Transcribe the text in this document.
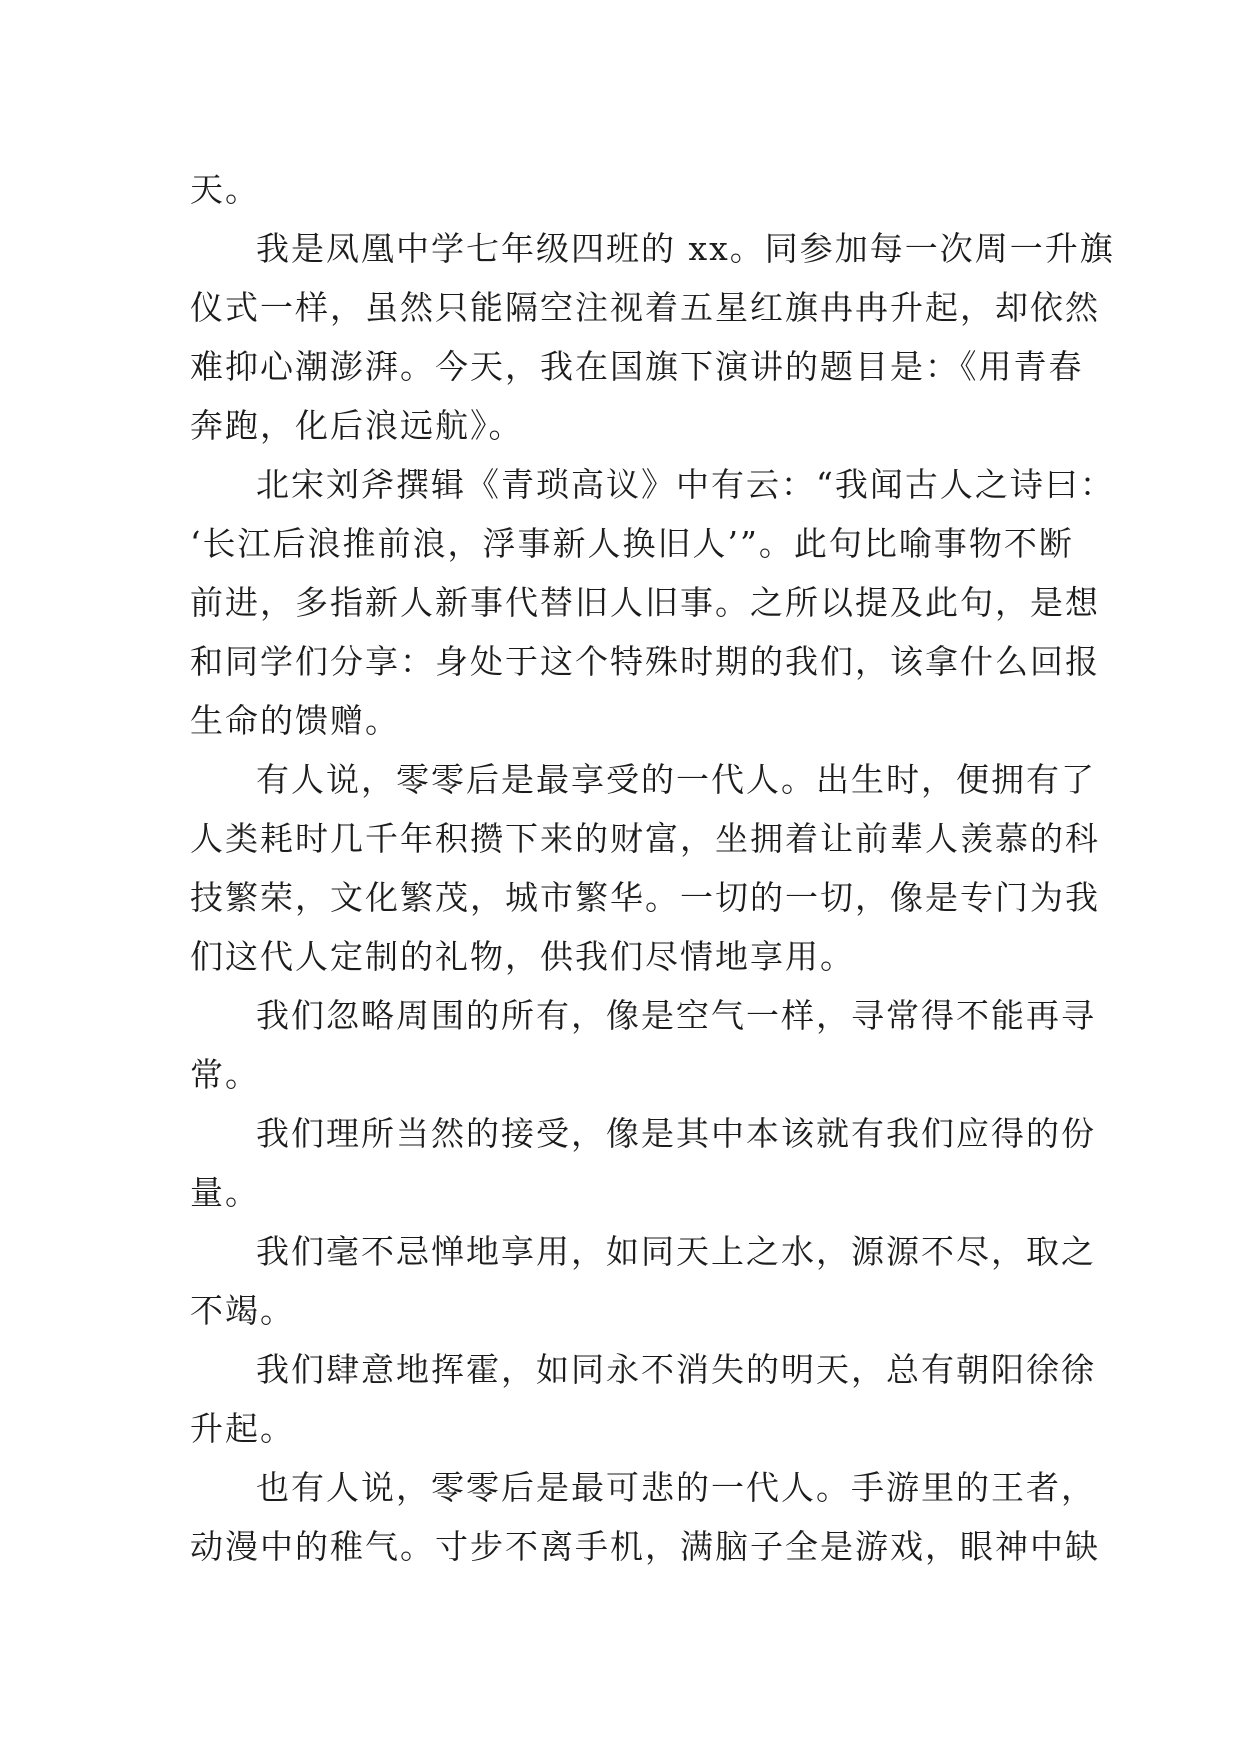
天。
我是凤凰中学七年级四班的 xx。同参加每一次周一升旗
仪式一样，虽然只能隔空注视着五星红旗冉冉升起，却依然
难抑心潮澎湃。今天，我在国旗下演讲的题目是：《用青春
奔跑，化后浪远航》。
北宋刘斧撰辑《青琐高议》中有云：“我闻古人之诗曰：
‘长江后浪推前浪，浮事新人换旧人’”。此句比喻事物不断
前进，多指新人新事代替旧人旧事。之所以提及此句，是想
和同学们分享：身处于这个特殊时期的我们，该拿什么回报
生命的馈赠。
有人说，零零后是最享受的一代人。出生时，便拥有了
人类耗时几千年积攒下来的财富，坐拥着让前辈人羡慕的科
技繁荣，文化繁茂，城市繁华。一切的一切，像是专门为我
们这代人定制的礼物，供我们尽情地享用。
我们忽略周围的所有，像是空气一样，寻常得不能再寻
常。
我们理所当然的接受，像是其中本该就有我们应得的份
量。
我们毫不忌惮地享用，如同天上之水，源源不尽，取之
不竭。
我们肆意地挥霍，如同永不消失的明天，总有朝阳徐徐
升起。
也有人说，零零后是最可悲的一代人。手游里的王者，
动漫中的稚气。寸步不离手机，满脑子全是游戏，眼神中缺
